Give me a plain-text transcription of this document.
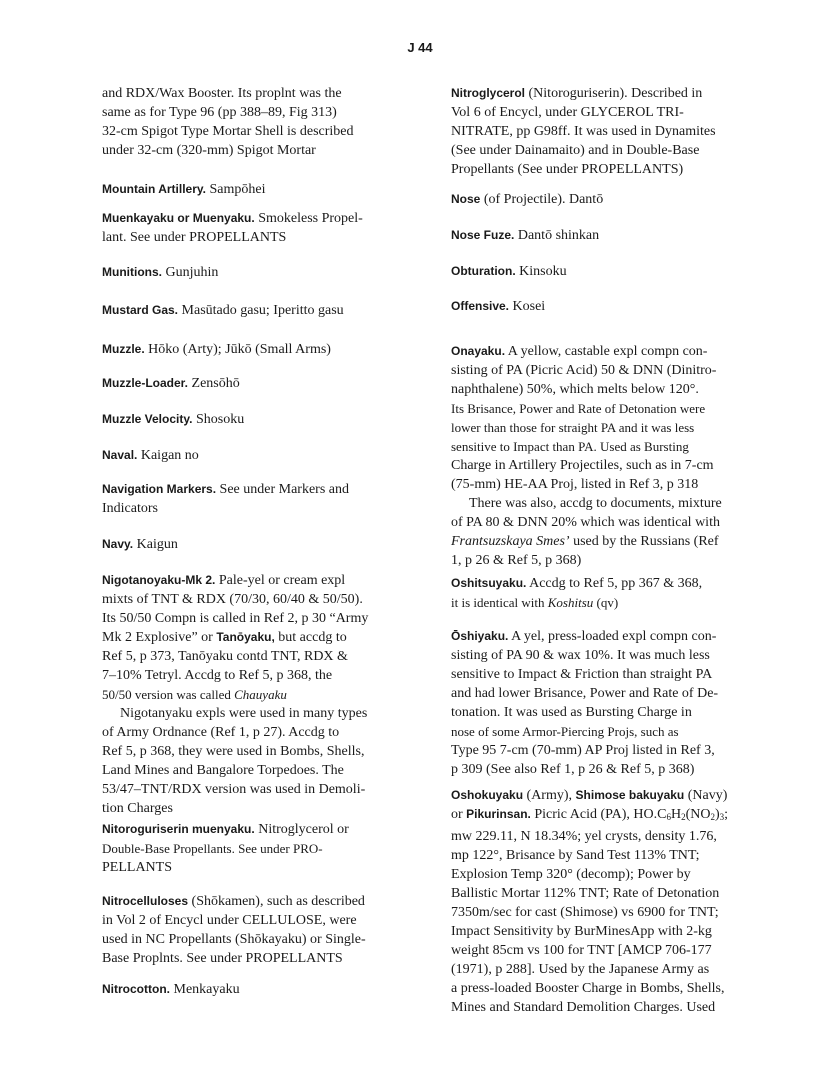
J 44
and RDX/Wax Booster. Its proplnt was the
same as for Type 96 (pp 388–89, Fig 313)
32-cm Spigot Type Mortar Shell is described
under 32-cm (320-mm) Spigot Mortar
Mountain Artillery. Sampōhei
Muenkayaku or Muenyaku. Smokeless Propel-
lant. See under PROPELLANTS
Munitions. Gunjuhin
Mustard Gas. Masūtado gasu; Iperitto gasu
Muzzle. Hōko (Arty); Jūkō (Small Arms)
Muzzle-Loader. Zensōhō
Muzzle Velocity. Shosoku
Naval. Kaigan no
Navigation Markers. See under Markers and
Indicators
Navy. Kaigun
Nigotanoyaku-Mk 2. Pale-yel or cream expl
mixts of TNT & RDX (70/30, 60/40 & 50/50).
Its 50/50 Compn is called in Ref 2, p 30 “Army
Mk 2 Explosive” or Tanōyaku, but accdg to
Ref 5, p 373, Tanōyaku contd TNT, RDX &
7–10% Tetryl. Accdg to Ref 5, p 368, the
50/50 version was called Chauyaku
Nigotanyaku expls were used in many types
of Army Ordnance (Ref 1, p 27). Accdg to
Ref 5, p 368, they were used in Bombs, Shells,
Land Mines and Bangalore Torpedoes. The
53/47–TNT/RDX version was used in Demoli-
tion Charges
Nitoroguriserin muenyaku. Nitroglycerol or
Double-Base Propellants. See under PRO-
PELLANTS
Nitrocelluloses (Shōkamen), such as described
in Vol 2 of Encycl under CELLULOSE, were
used in NC Propellants (Shōkayaku) or Single-
Base Proplnts. See under PROPELLANTS
Nitrocotton. Menkayaku
Nitroglycerol (Nitoroguriserin). Described in
Vol 6 of Encycl, under GLYCEROL TRI-
NITRATE, pp G98ff. It was used in Dynamites
(See under Dainamaito) and in Double-Base
Propellants (See under PROPELLANTS)
Nose (of Projectile). Dantō
Nose Fuze. Dantō shinkan
Obturation. Kinsoku
Offensive. Kosei
Onayaku. A yellow, castable expl compn con-
sisting of PA (Picric Acid) 50 & DNN (Dinitro-
naphthalene) 50%, which melts below 120°.
Its Brisance, Power and Rate of Detonation were
lower than those for straight PA and it was less
sensitive to Impact than PA. Used as Bursting
Charge in Artillery Projectiles, such as in 7-cm
(75-mm) HE-AA Proj, listed in Ref 3, p 318
There was also, accdg to documents, mixture
of PA 80 & DNN 20% which was identical with
Frantsuzskaya Smes’ used by the Russians (Ref
1, p 26 & Ref 5, p 368)
Oshitsuyaku. Accdg to Ref 5, pp 367 & 368,
it is identical with Koshitsu (qv)
Ōshiyaku. A yel, press-loaded expl compn con-
sisting of PA 90 & wax 10%. It was much less
sensitive to Impact & Friction than straight PA
and had lower Brisance, Power and Rate of De-
tonation. It was used as Bursting Charge in
nose of some Armor-Piercing Projs, such as
Type 95 7-cm (70-mm) AP Proj listed in Ref 3,
p 309 (See also Ref 1, p 26 & Ref 5, p 368)
Oshokuyaku (Army), Shimose bakuyaku (Navy)
or Pikurinsan. Picric Acid (PA), $HO.C_6H_2(NO_2)_3$;
mw 229.11, N 18.34%; yel crysts, density 1.76,
mp 122°, Brisance by Sand Test 113% TNT;
Explosion Temp 320° (decomp); Power by
Ballistic Mortar 112% TNT; Rate of Detonation
7350m/sec for cast (Shimose) vs 6900 for TNT;
Impact Sensitivity by BurMinesApp with 2-kg
weight 85cm vs 100 for TNT [AMCP 706-177
(1971), p 288]. Used by the Japanese Army as
a press-loaded Booster Charge in Bombs, Shells,
Mines and Standard Demolition Charges. Used
